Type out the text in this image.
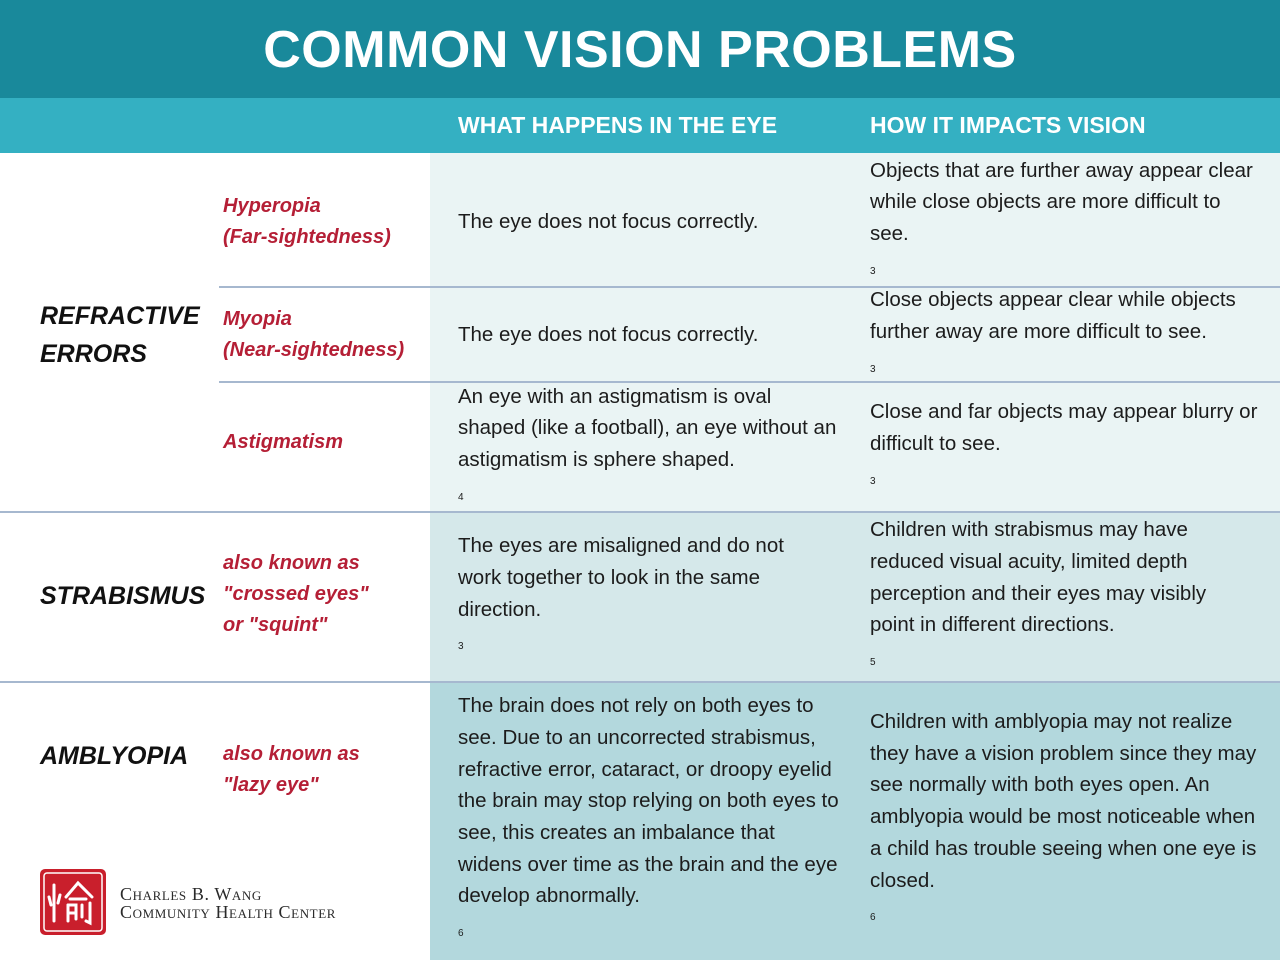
COMMON VISION PROBLEMS
WHAT HAPPENS IN THE EYE	HOW IT IMPACTS VISION
REFRACTIVE
ERRORS
STRABISMUS
AMBLYOPIA
Hyperopia
(Far-sightedness)
Myopia
(Near-sightedness)
Astigmatism
also known as
"crossed eyes"
or "squint"
also known as
"lazy eye"
The eye does not focus correctly.
The eye does not focus correctly.
An eye with an astigmatism is oval shaped (like a football), an eye without an astigmatism is sphere shaped.
$_4$
The eyes are misaligned and do not work together to look in the same direction.
$_3$
The brain does not rely on both eyes to see. Due to an uncorrected strabismus, refractive error, cataract, or droopy eyelid the brain may stop relying on both eyes to see, this creates an imbalance that widens over time as the brain and the eye develop abnormally.
$_6$
Objects that are further away appear clear while close objects are more difficult to see.
$_3$
Close objects appear clear while objects further away are more difficult to see.
$_3$
Close and far objects may appear blurry or difficult to see.
$_3$
Children with strabismus may have reduced visual acuity, limited depth perception and their eyes may visibly point in different directions.
$_5$
Children with amblyopia may not realize they have a vision problem since they may see normally with both eyes open. An amblyopia would be most noticeable when a child has trouble seeing when one eye is closed.
$_6$
Charles B. Wang
Community Health Center
